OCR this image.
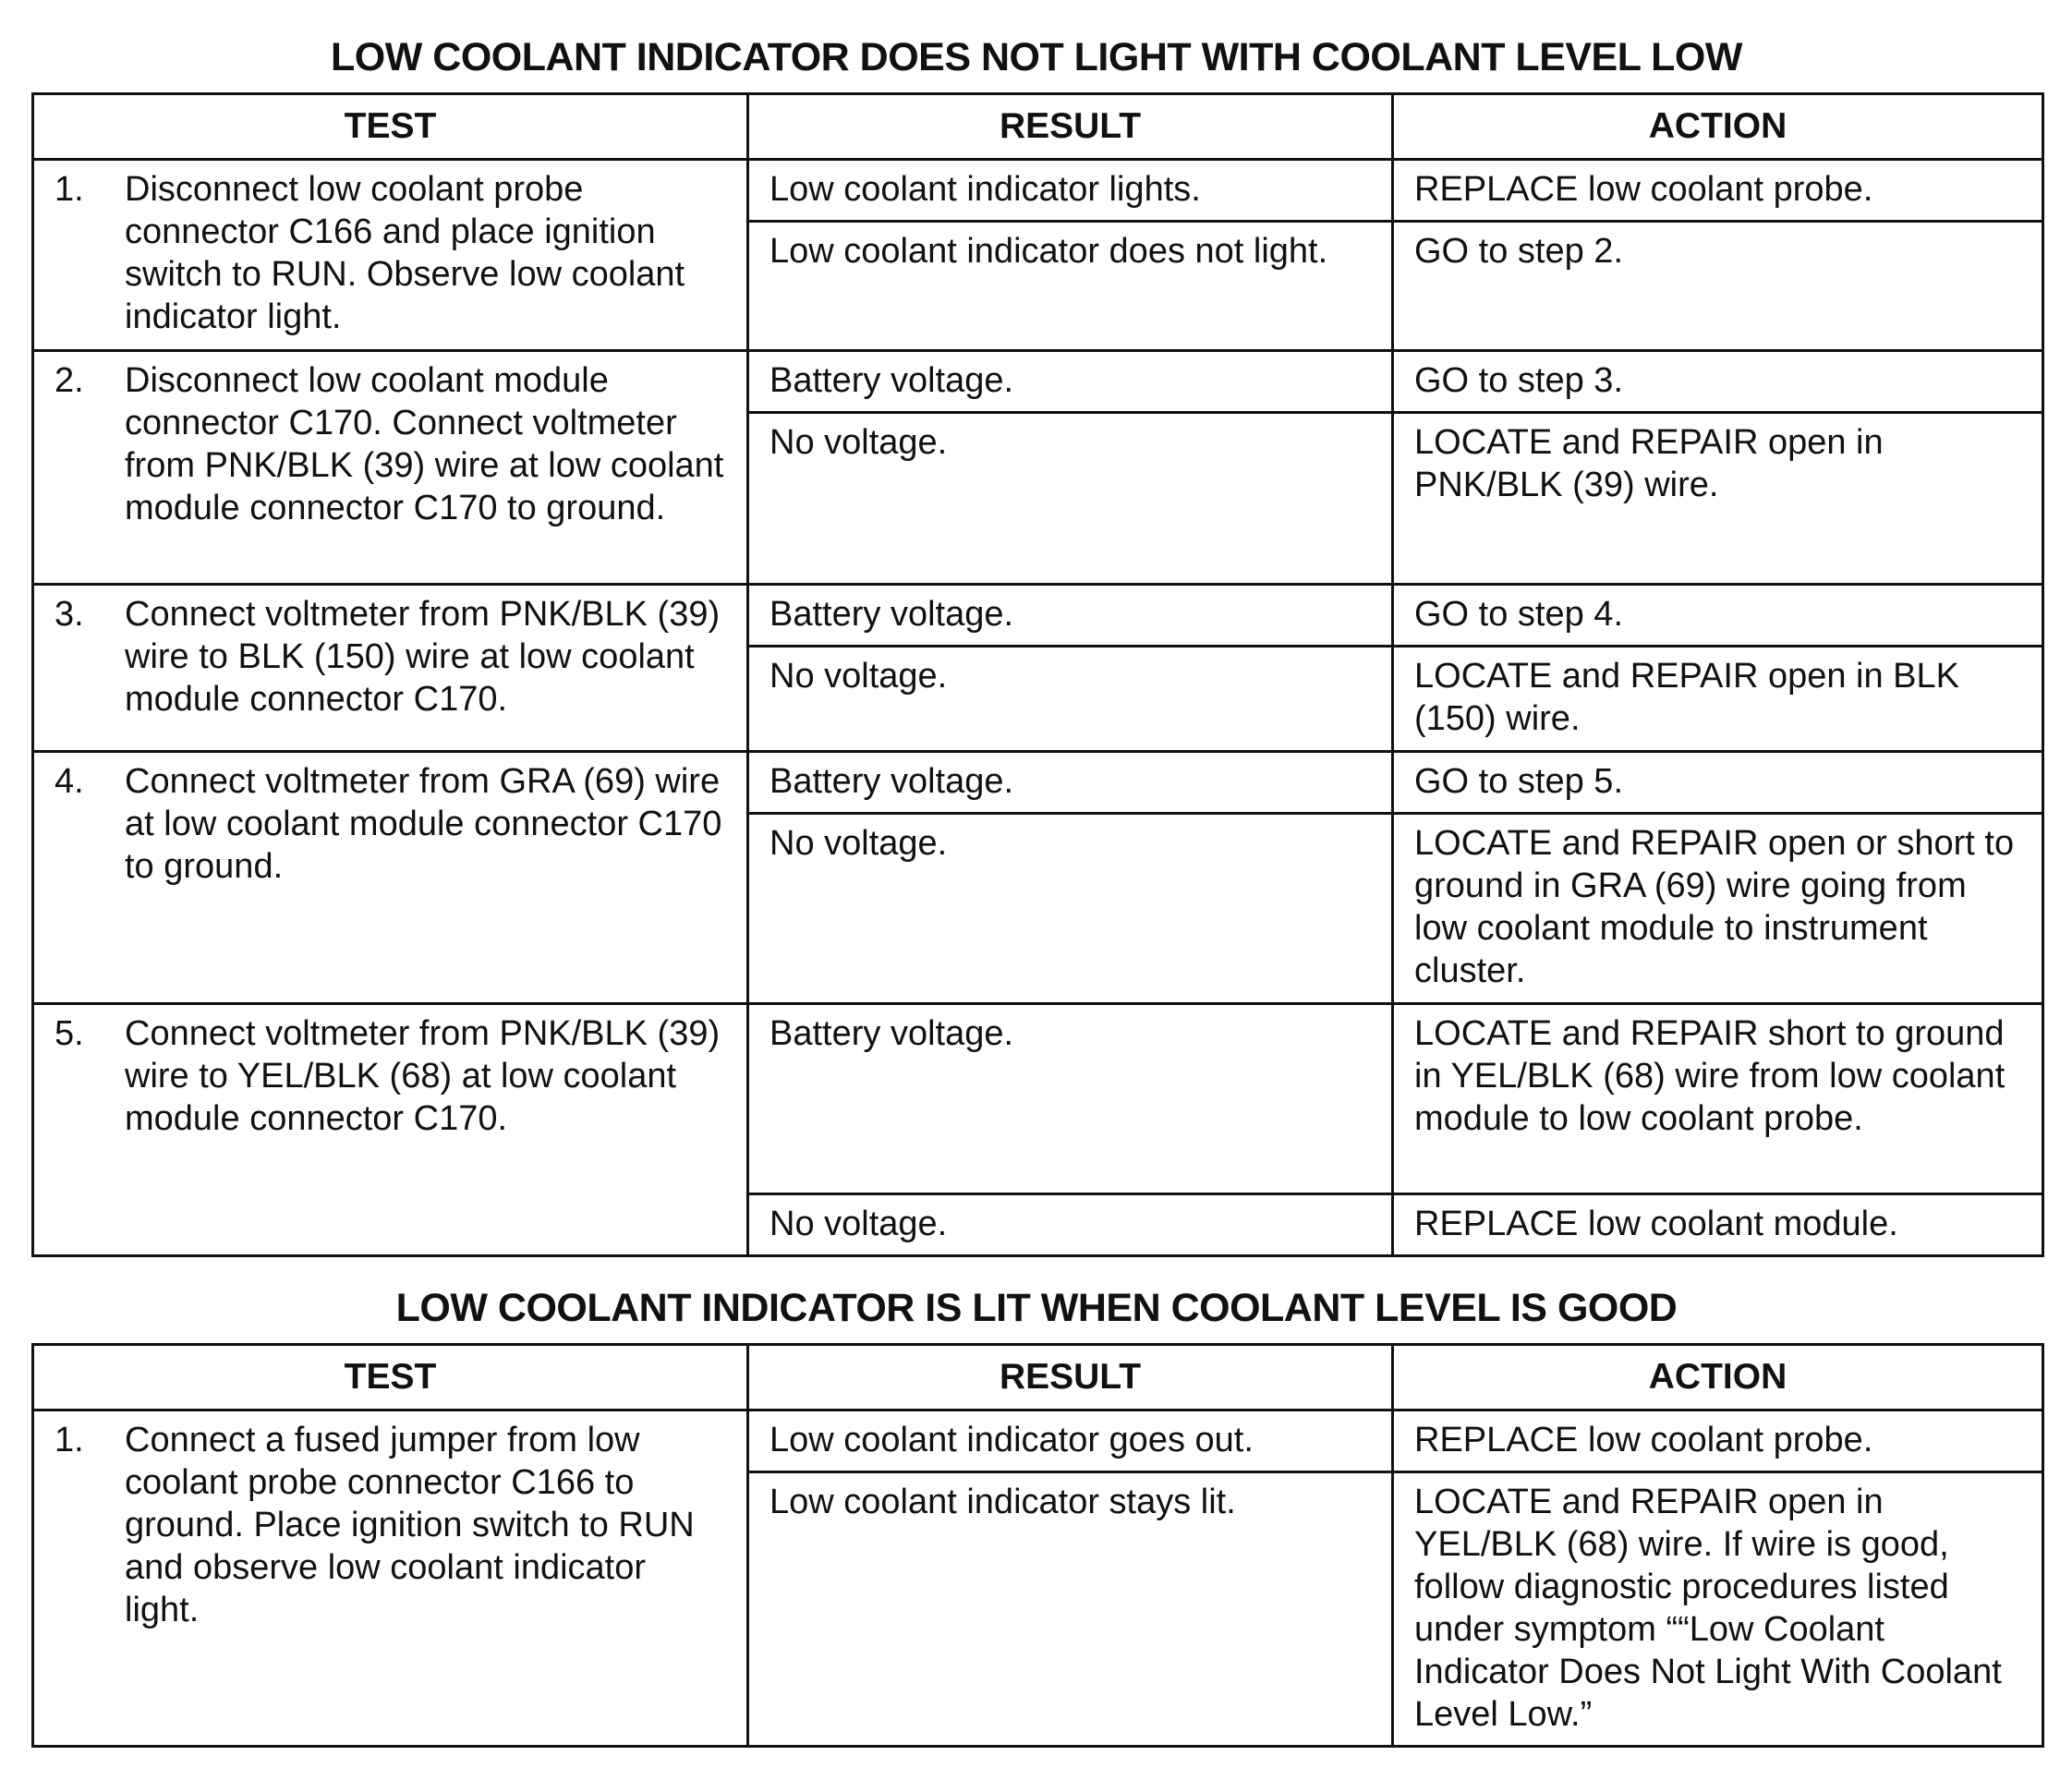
LOW COOLANT INDICATOR DOES NOT LIGHT WITH COOLANT LEVEL LOW
TEST	RESULT	ACTION

1. Disconnect low coolant probe connector C166 and place ignition switch to RUN. Observe low coolant indicator light.	Low coolant indicator lights.	REPLACE low coolant probe.
	Low coolant indicator does not light.	GO to step 2.

2. Disconnect low coolant module connector C170. Connect voltmeter from PNK/BLK (39) wire at low coolant module connector C170 to ground.	Battery voltage.	GO to step 3.
	No voltage.	LOCATE and REPAIR open in PNK/BLK (39) wire.

3. Connect voltmeter from PNK/BLK (39) wire to BLK (150) wire at low coolant module connector C170.	Battery voltage.	GO to step 4.
	No voltage.	LOCATE and REPAIR open in BLK (150) wire.

4. Connect voltmeter from GRA (69) wire at low coolant module connector C170 to ground.	Battery voltage.	GO to step 5.
	No voltage.	LOCATE and REPAIR open or short to ground in GRA (69) wire going from low coolant module to instrument cluster.

5. Connect voltmeter from PNK/BLK (39) wire to YEL/BLK (68) at low coolant module connector C170.	Battery voltage.	LOCATE and REPAIR short to ground in YEL/BLK (68) wire from low coolant module to low coolant probe.
	No voltage.	REPLACE low coolant module.
LOW COOLANT INDICATOR IS LIT WHEN COOLANT LEVEL IS GOOD
TEST	RESULT	ACTION

1. Connect a fused jumper from low coolant probe connector C166 to ground. Place ignition switch to RUN and observe low coolant indicator light.	Low coolant indicator goes out.	REPLACE low coolant probe.
	Low coolant indicator stays lit.	LOCATE and REPAIR open in YEL/BLK (68) wire. If wire is good, follow diagnostic procedures listed under symptom ““Low Coolant Indicator Does Not Light With Coolant Level Low.”
